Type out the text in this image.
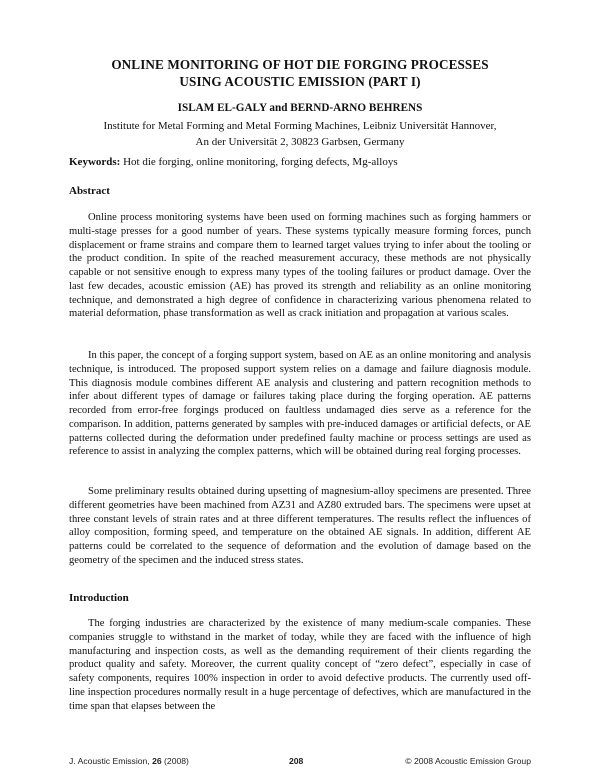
ONLINE MONITORING OF HOT DIE FORGING PROCESSES
USING ACOUSTIC EMISSION (PART I)
ISLAM EL-GALY and BERND-ARNO BEHRENS
Institute for Metal Forming and Metal Forming Machines, Leibniz Universität Hannover,
An der Universität 2, 30823 Garbsen, Germany
Keywords: Hot die forging, online monitoring, forging defects, Mg-alloys
Abstract

Online process monitoring systems have been used on forming machines such as forging hammers or multi-stage presses for a good number of years. These systems typically measure forming forces, punch displacement or frame strains and compare them to learned target values trying to infer about the tooling or the product condition. In spite of the reached measurement accuracy, these methods are not physically capable or not sensitive enough to express many types of the tooling failures or product damage. Over the last few decades, acoustic emission (AE) has proved its strength and reliability as an online monitoring technique, and demonstrated a high degree of confidence in characterizing various phenomena related to material deformation, phase transformation as well as crack initiation and propagation at various scales.

In this paper, the concept of a forging support system, based on AE as an online monitoring and analysis technique, is introduced. The proposed support system relies on a damage and failure diagnosis module. This diagnosis module combines different AE analysis and clustering and pattern recognition methods to infer about different types of damage or failures taking place during the forging operation. AE patterns recorded from error-free forgings produced on faultless undamaged dies serve as a reference for the comparison. In addition, patterns generated by samples with pre-induced damages or artificial defects, or AE patterns collected during the deformation under predefined faulty machine or process settings are used as reference to assist in analyzing the complex patterns, which will be obtained during real forging processes.

Some preliminary results obtained during upsetting of magnesium-alloy specimens are presented. Three different geometries have been machined from AZ31 and AZ80 extruded bars. The specimens were upset at three constant levels of strain rates and at three different temperatures. The results reflect the influences of alloy composition, forming speed, and temperature on the obtained AE signals. In addition, different AE patterns could be correlated to the sequence of deformation and the evolution of damage based on the geometry of the specimen and the induced stress states.

Introduction

The forging industries are characterized by the existence of many medium-scale companies. These companies struggle to withstand in the market of today, while they are faced with the influence of high manufacturing and inspection costs, as well as the demanding requirement of their clients regarding the product quality and safety. Moreover, the current quality concept of “zero defect”, especially in case of safety components, requires 100% inspection in order to avoid defective products. The currently used off-line inspection procedures normally result in a huge percentage of defectives, which are manufactured in the time span that elapses between the

J. Acoustic Emission, 26 (2008)	208	© 2008 Acoustic Emission Group
